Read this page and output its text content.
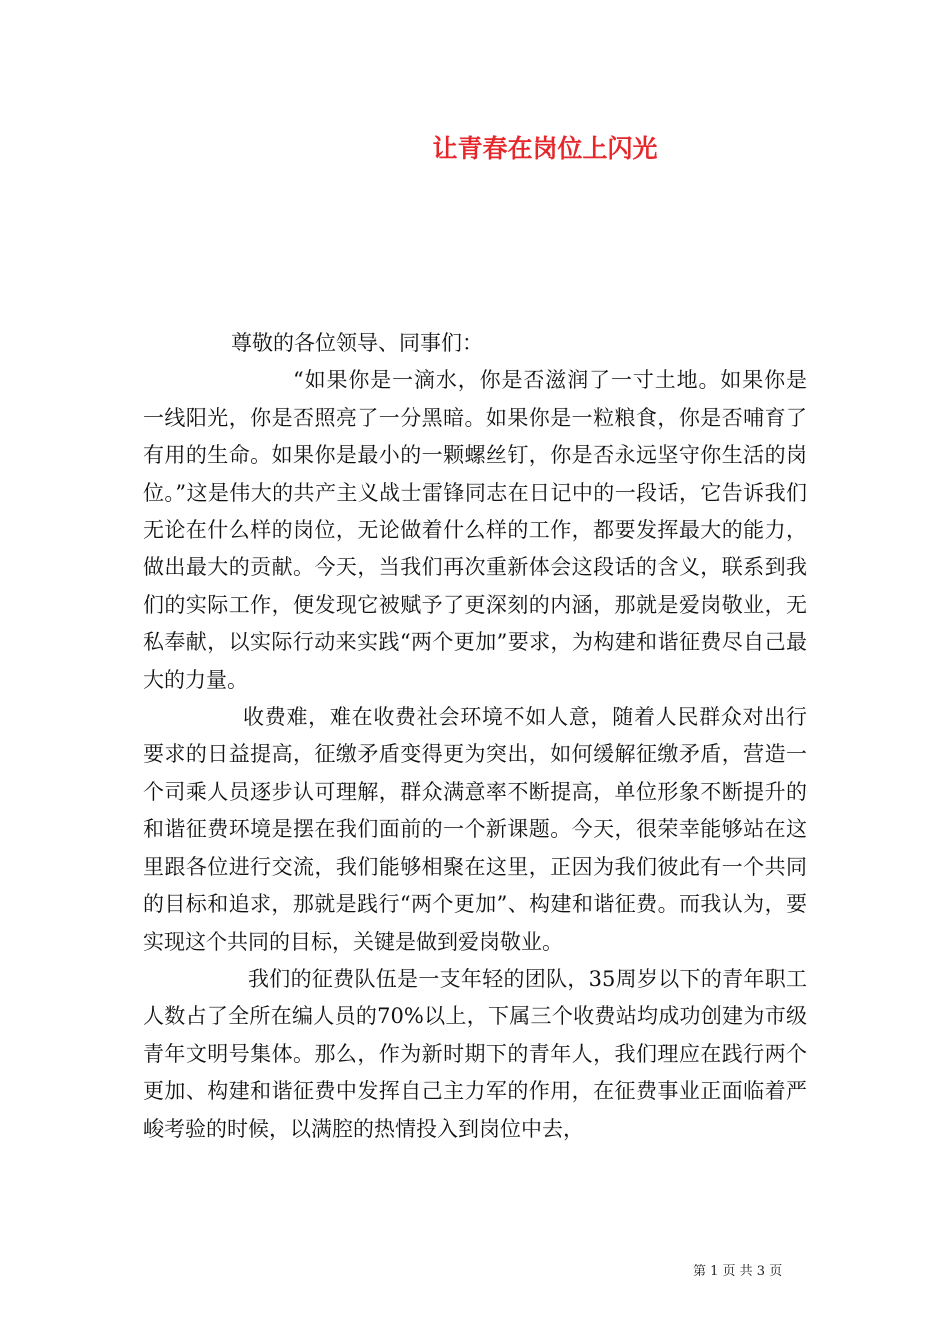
让青春在岗位上闪光

尊敬的各位领导、同事们：

“如果你是一滴水，你是否滋润了一寸土地。如果你是一线阳光，你是否照亮了一分黑暗。如果你是一粒粮食，你是否哺育了有用的生命。如果你是最小的一颗螺丝钉，你是否永远坚守你生活的岗位。”这是伟大的共产主义战士雷锋同志在日记中的一段话，它告诉我们无论在什么样的岗位，无论做着什么样的工作，都要发挥最大的能力，做出最大的贡献。今天，当我们再次重新体会这段话的含义，联系到我们的实际工作，便发现它被赋予了更深刻的内涵，那就是爱岗敬业，无私奉献，以实际行动来实践“两个更加”要求，为构建和谐征费尽自己最大的力量。

收费难，难在收费社会环境不如人意，随着人民群众对出行要求的日益提高，征缴矛盾变得更为突出，如何缓解征缴矛盾，营造一个司乘人员逐步认可理解，群众满意率不断提高，单位形象不断提升的和谐征费环境是摆在我们面前的一个新课题。今天，很荣幸能够站在这里跟各位进行交流，我们能够相聚在这里，正因为我们彼此有一个共同的目标和追求，那就是践行“两个更加”、构建和谐征费。而我认为，要实现这个共同的目标，关键是做到爱岗敬业。

我们的征费队伍是一支年轻的团队，35周岁以下的青年职工人数占了全所在编人员的70%以上，下属三个收费站均成功创建为市级青年文明号集体。那么，作为新时期下的青年人，我们理应在践行两个更加、构建和谐征费中发挥自己主力军的作用，在征费事业正面临着严峻考验的时候，以满腔的热情投入到岗位中去，

第 1 页 共 3 页
